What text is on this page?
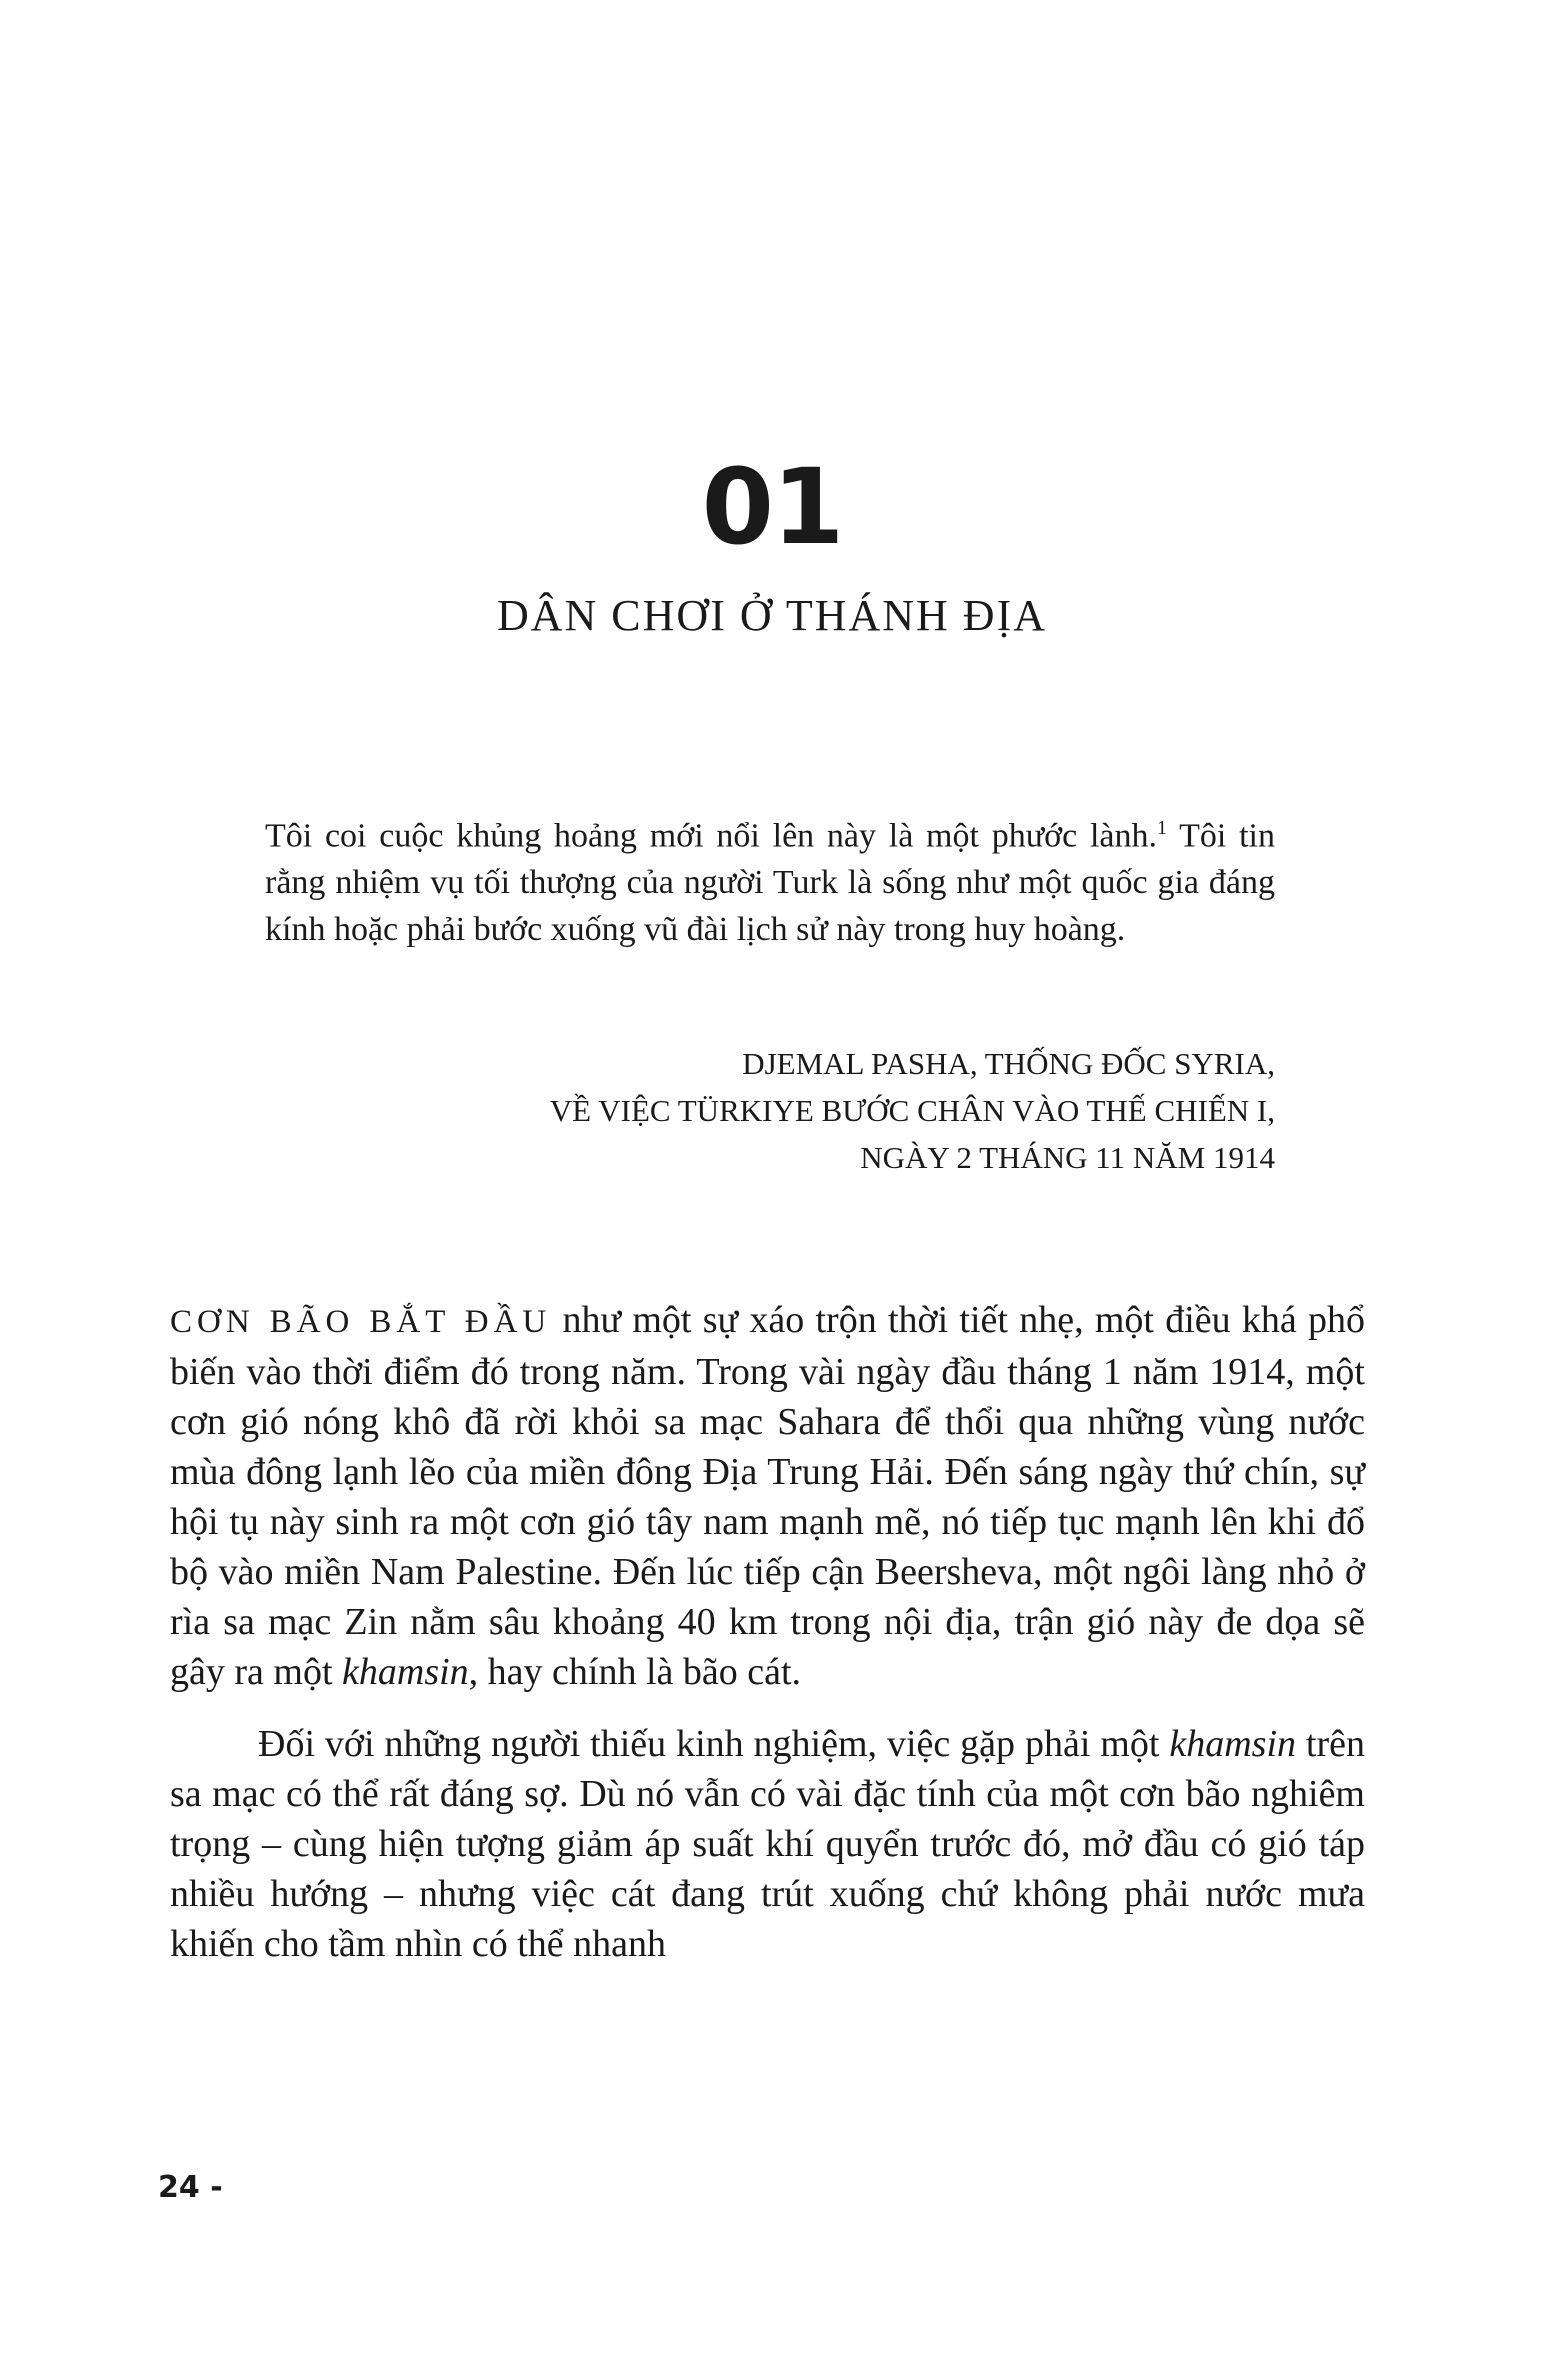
01
DÂN CHƠI Ở THÁNH ĐỊA

Tôi coi cuộc khủng hoảng mới nổi lên này là một phước lành.$^1$ Tôi tin rằng nhiệm vụ tối thượng của người Turk là sống như một quốc gia đáng kính hoặc phải bước xuống vũ đài lịch sử này trong huy hoàng.

DJEMAL PASHA, THỐNG ĐỐC SYRIA,
VỀ VIỆC TÜRKIYE BƯỚC CHÂN VÀO THẾ CHIẾN I,
NGÀY 2 THÁNG 11 NĂM 1914

CƠN BÃO BẮT ĐẦU như một sự xáo trộn thời tiết nhẹ, một điều khá phổ biến vào thời điểm đó trong năm. Trong vài ngày đầu tháng 1 năm 1914, một cơn gió nóng khô đã rời khỏi sa mạc Sahara để thổi qua những vùng nước mùa đông lạnh lẽo của miền đông Địa Trung Hải. Đến sáng ngày thứ chín, sự hội tụ này sinh ra một cơn gió tây nam mạnh mẽ, nó tiếp tục mạnh lên khi đổ bộ vào miền Nam Palestine. Đến lúc tiếp cận Beersheva, một ngôi làng nhỏ ở rìa sa mạc Zin nằm sâu khoảng 40 km trong nội địa, trận gió này đe dọa sẽ gây ra một khamsin, hay chính là bão cát.

Đối với những người thiếu kinh nghiệm, việc gặp phải một khamsin trên sa mạc có thể rất đáng sợ. Dù nó vẫn có vài đặc tính của một cơn bão nghiêm trọng – cùng hiện tượng giảm áp suất khí quyển trước đó, mở đầu có gió táp nhiều hướng – nhưng việc cát đang trút xuống chứ không phải nước mưa khiến cho tầm nhìn có thể nhanh

24 -
